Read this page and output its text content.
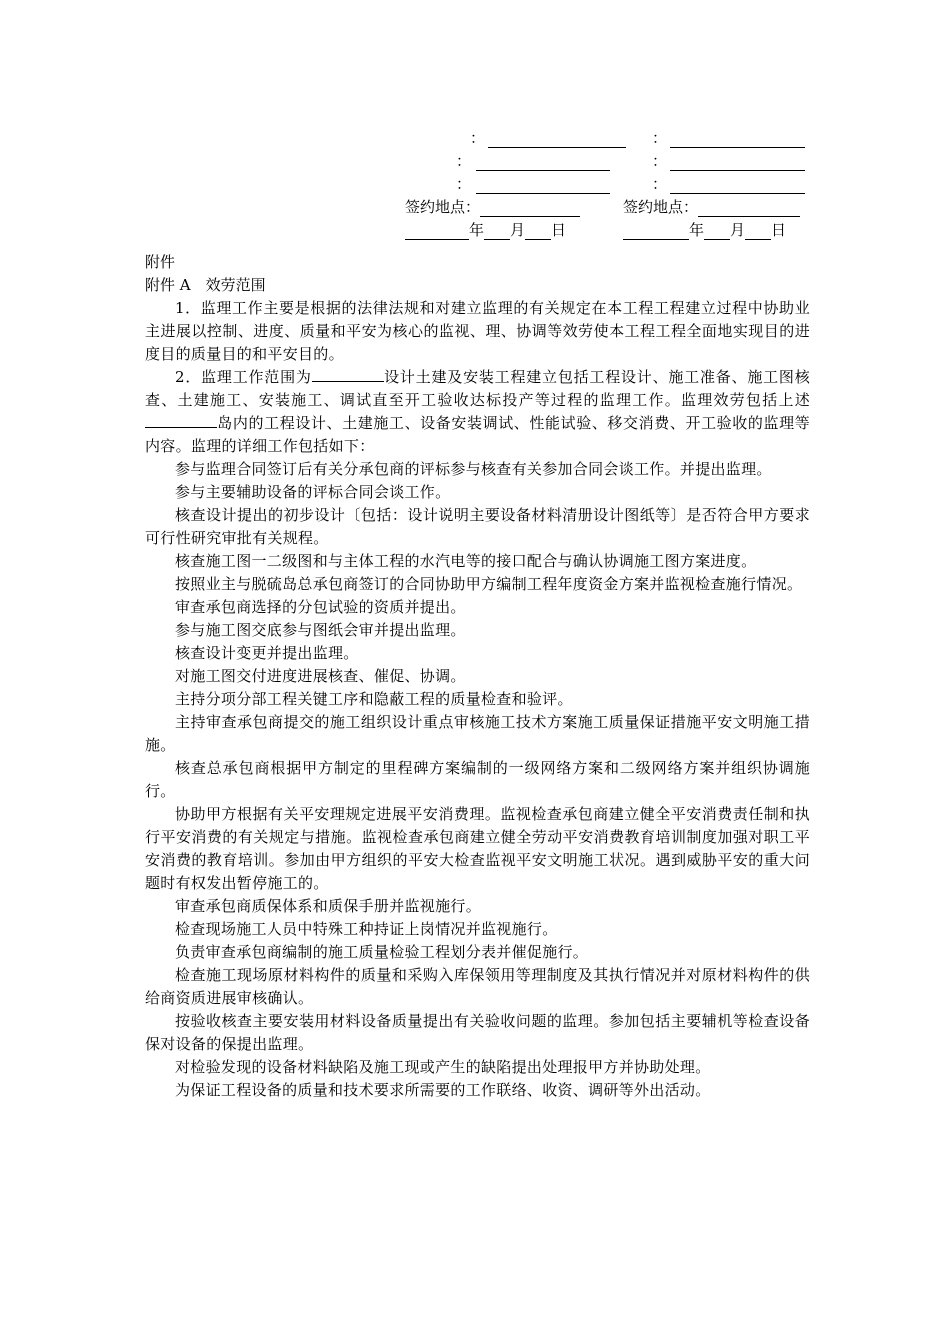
：	：
：	：
：	：
签约地点：	签约地点：
年 月 日	年 月 日

附件

附件 A　效劳范围

1．监理工作主要是根据的法律法规和对建立监理的有关规定在本工程工程建立过程中协助业主进展以控制、进度、质量和平安为核心的监视、理、协调等效劳使本工程工程全面地实现目的进度目的质量目的和平安目的。

2．监理工作范围为	设计土建及安装工程建立包括工程设计、施工准备、施工图核查、土建施工、安装施工、调试直至开工验收达标投产等过程的监理工作。监理效劳包括上述岛内的工程设计、土建施工、设备安装调试、性能试验、移交消费、开工验收的监理等内容。监理的详细工作包括如下：

参与监理合同签订后有关分承包商的评标参与核查有关参加合同会谈工作。并提出监理。

参与主要辅助设备的评标合同会谈工作。

核查设计提出的初步设计〔包括：设计说明主要设备材料清册设计图纸等〕是否符合甲方要求可行性研究审批有关规程。

核查施工图一二级图和与主体工程的水汽电等的接口配合与确认协调施工图方案进度。

按照业主与脱硫岛总承包商签订的合同协助甲方编制工程年度资金方案并监视检查施行情况。

审查承包商选择的分包试验的资质并提出。

参与施工图交底参与图纸会审并提出监理。

核查设计变更并提出监理。

对施工图交付进度进展核查、催促、协调。

主持分项分部工程关键工序和隐蔽工程的质量检查和验评。

主持审查承包商提交的施工组织设计重点审核施工技术方案施工质量保证措施平安文明施工措施。

核查总承包商根据甲方制定的里程碑方案编制的一级网络方案和二级网络方案并组织协调施行。

协助甲方根据有关平安理规定进展平安消费理。监视检查承包商建立健全平安消费责任制和执行平安消费的有关规定与措施。监视检查承包商建立健全劳动平安消费教育培训制度加强对职工平安消费的教育培训。参加由甲方组织的平安大检查监视平安文明施工状况。遇到威胁平安的重大问题时有权发出暂停施工的。

审查承包商质保体系和质保手册并监视施行。

检查现场施工人员中特殊工种持证上岗情况并监视施行。

负责审查承包商编制的施工质量检验工程划分表并催促施行。

检查施工现场原材料构件的质量和采购入库保领用等理制度及其执行情况并对原材料构件的供给商资质进展审核确认。

按验收核查主要安装用材料设备质量提出有关验收问题的监理。参加包括主要辅机等检查设备保对设备的保提出监理。

对检验发现的设备材料缺陷及施工现或产生的缺陷提出处理报甲方并协助处理。

为保证工程设备的质量和技术要求所需要的工作联络、收资、调研等外出活动。
